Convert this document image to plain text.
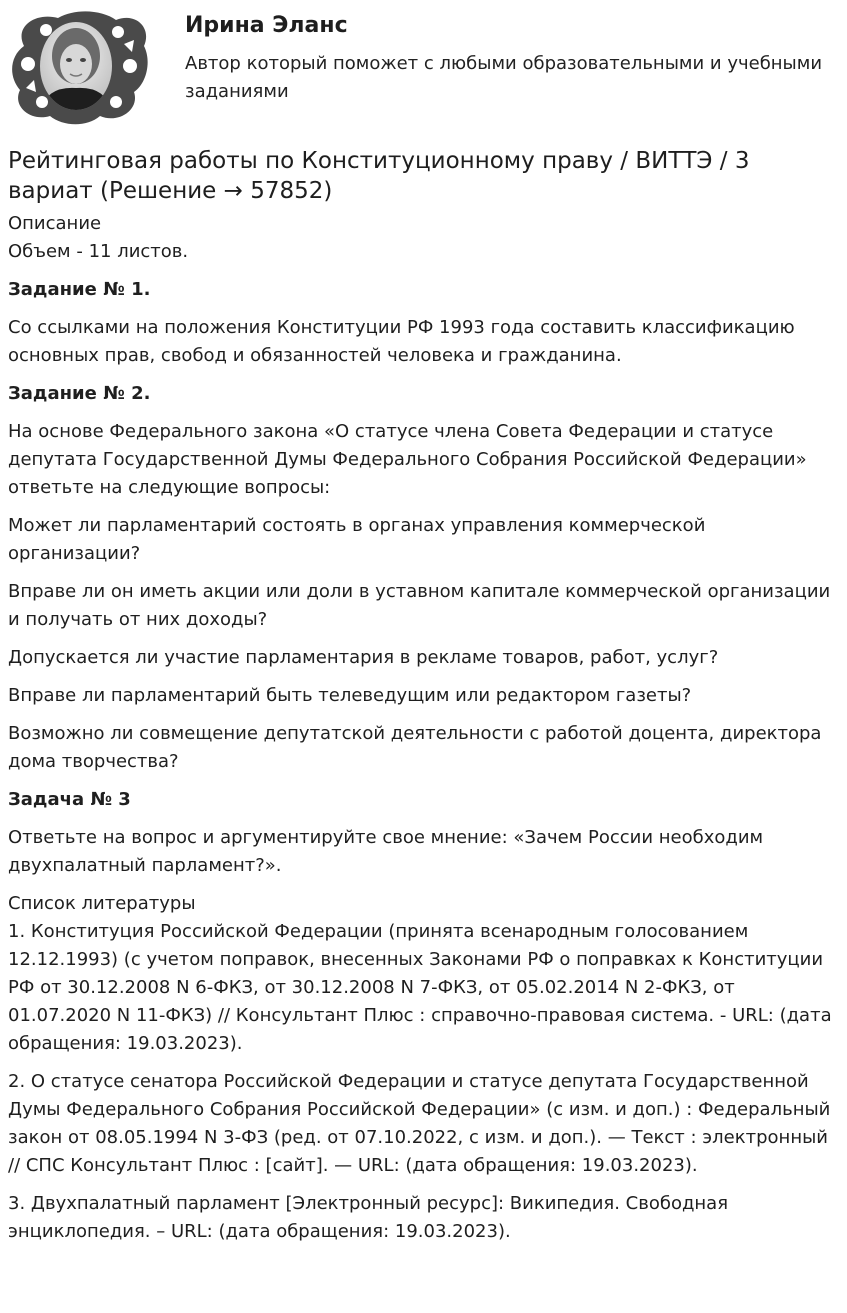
Ирина Эланс
Автор который поможет с любыми образовательными и учебными заданиями
Рейтинговая работы по Конституционному праву / ВИТТЭ / 3 вариат (Решение → 57852)
Описание
Объем - 11 листов.
Задание № 1.
Со ссылками на положения Конституции РФ 1993 года составить классификацию основных прав, свобод и обязанностей человека и гражданина.
Задание № 2.
На основе Федерального закона «О статусе члена Совета Федерации и статусе депутата Государственной Думы Федерального Собрания Российской Федерации» ответьте на следующие вопросы:
Может ли парламентарий состоять в органах управления коммерческой организации?
Вправе ли он иметь акции или доли в уставном капитале коммерческой организации и получать от них доходы?
Допускается ли участие парламентария в рекламе товаров, работ, услуг?
Вправе ли парламентарий быть телеведущим или редактором газеты?
Возможно ли совмещение депутатской деятельности с работой доцента, директора дома творчества?
Задача № 3
Ответьте на вопрос и аргументируйте свое мнение: «Зачем России необходим двухпалатный парламент?».
Список литературы
1. Конституция Российской Федерации (принята всенародным голосованием 12.12.1993) (с учетом поправок, внесенных Законами РФ о поправках к Конституции РФ от 30.12.2008 N 6-ФКЗ, от 30.12.2008 N 7-ФКЗ, от 05.02.2014 N 2-ФКЗ, от 01.07.2020 N 11-ФКЗ) // Консультант Плюс : справочно-правовая система. - URL: (дата обращения: 19.03.2023).
2. О статусе сенатора Российской Федерации и статусе депутата Государственной Думы Федерального Собрания Российской Федерации» (с изм. и доп.) : Федеральный закон от 08.05.1994 N 3-ФЗ (ред. от 07.10.2022, с изм. и доп.). — Текст : электронный // СПС Консультант Плюс : [сайт]. — URL: (дата обращения: 19.03.2023).
3. Двухпалатный парламент [Электронный ресурс]: Википедия. Свободная энциклопедия. – URL: (дата обращения: 19.03.2023).
